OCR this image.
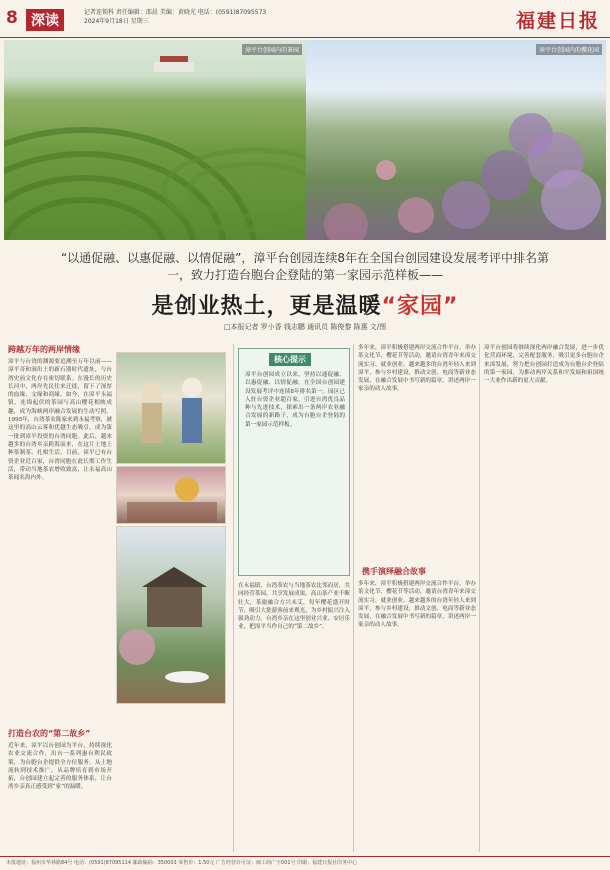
8 深读
记者连锁科 责任编辑：邵晨 美编：黄晓光 电话：(0591)87095573
2024年9月18日 星期三	福建日报
漳平台创园内的茶园	漳平台创园内的樱花园
“以通促融、以惠促融、以情促融”，漳平台创园连续8年在全国台创园建设发展考评中排名第一，致力打造台胞台企登陆的第一家园示范样板——
是创业热土，更是温暖“家园”
□本报记者 罗小香 钱志鹏 通讯员 陈俊黎 陈惠 文/图
跨越万年的两岸情缘
漳平与台湾的渊源要追溯至万年以前——漳平奇和洞出土的新石器时代遗址，与台湾史前文化存在密切联系。在漫长的历史长河中，两岸先民往来迁徙，留下了深厚的血缘、文缘和商缘。如今，在漳平永福镇，连绵起伏的茶园与高山樱花相映成趣，成为海峡两岸融合发展的生动写照。1995年，台湾茶农陈家来到永福考察，被这里的高山云雾和优越生态吸引，成为第一批到漳平投资的台湾同胞。此后，越来越多的台湾乡亲跨海而来，在这片土地上种茶制茶、扎根生活。目前，漳平已有台资企业近百家，台湾同胞在此长期工作生活，带动当地茶农增收致富，让永福高山茶闻名海内外。
打造台农的“第二故乡”
近年来，漳平以台创园为平台，持续深化农业交流合作，出台一系列惠台利民政策，为台胞台企提供全方位服务。从土地流转到技术推广，从品牌培育到市场开拓，台创园建立起完善的服务体系，让台湾乡亲真正感受到“家”的温暖。
核心提示
漳平台创园成立以来，坚持以通促融、以惠促融、以情促融，在全国台创园建设发展考评中连续8年排名第一。园区已入驻台资企业超百家，引进台湾优良品种与先进技术，探索出一条两岸农业融合发展的新路子，成为台胞台企登陆的第一家园示范样板。
在永福镇，台湾茶农与当地茶农比邻而居，共同经营茶园，共享发展成果。高山茶产业不断壮大，茶旅融合方兴未艾，每年樱花盛开时节，吸引大批游客前来观光，为乡村振兴注入强劲动力。台湾乡亲在这里创业兴业、安居乐业，把漳平当作自己的“第二故乡”。
多年来，漳平积极搭建两岸交流合作平台，举办茶文化节、樱花节等活动，邀请台湾青年来漳交流实习、就业创业。越来越多的台湾年轻人来到漳平，参与乡村建设，推动文创、电商等新业态发展，在融合发展中书写新的篇章，讲述两岸一家亲的动人故事。
携手演绎融合故事
多年来，漳平积极搭建两岸交流合作平台，举办茶文化节、樱花节等活动，邀请台湾青年来漳交流实习、就业创业。越来越多的台湾年轻人来到漳平，参与乡村建设，推动文创、电商等新业态发展，在融合发展中书写新的篇章，讲述两岸一家亲的动人故事。
漳平台创园将继续深化两岸融合发展，进一步优化营商环境，完善配套服务，吸引更多台胞台企来漳发展，努力把台创园打造成为台胞台企登陆的第一家园，为推动两岸关系和平发展和祖国统一大业作出新的更大贡献。
本报地址：福州市华林路84号 电话：(0591)87095114 邮政编码：350003 零售价：1.50元 广告经营许可证：闽工商广字001号 印刷：福建日报社印务中心
